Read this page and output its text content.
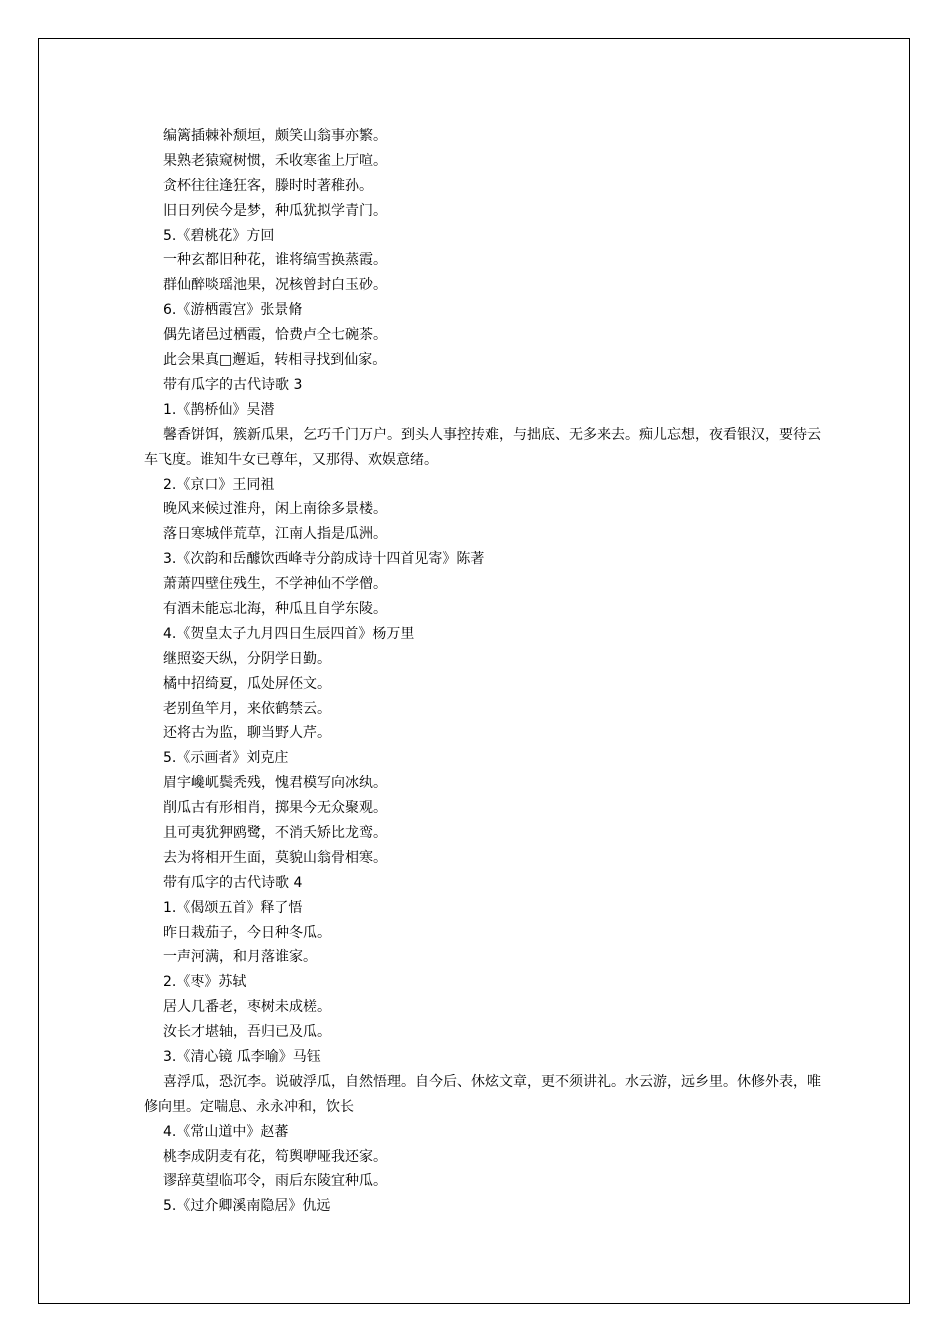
编篱插棘补颓垣，颇笑山翁事亦繁。
果熟老猿窥树惯，禾收寒雀上厅喧。
贪杯往往逢狂客，滕时时著稚孙。
旧日列侯今是梦，种瓜犹拟学青门。
5.《碧桃花》方回
一种玄都旧种花，谁将缟雪换蒸霞。
群仙醉啖瑶池果，况核曾封白玉砂。
6.《游栖霞宫》张景脩
偶先诸邑过栖霞，恰费卢仝七碗茶。
此会果真□邂逅，转相寻找到仙家。
带有瓜字的古代诗歌 3
1.《鹊桥仙》吴潜
馨香饼饵，簇新瓜果，乞巧千门万户。到头人事控抟难，与拙底、无多来去。痴儿忘想，夜看银汉，要待云车飞度。谁知牛女已尊年，又那得、欢娱意绪。
2.《京口》王同祖
晚风来候过淮舟，闲上南徐多景楼。
落日寒城伴荒草，江南人指是瓜洲。
3.《次韵和岳醵饮西峰寺分韵成诗十四首见寄》陈著
萧萧四壁住残生，不学神仙不学僧。
有酒未能忘北海，种瓜且自学东陵。
4.《贺皇太子九月四日生辰四首》杨万里
继照姿天纵，分阴学日勤。
橘中招绮夏，瓜处屏伾文。
老别鱼竿月，来依鹤禁云。
还将古为监，聊当野人芹。
5.《示画者》刘克庄
眉宇巉屼鬓秃残，愧君模写向冰纨。
削瓜古有形相肖，掷果今无众聚观。
且可夷犹狎鸥鹭，不消夭矫比龙鸾。
去为将相开生面，莫貌山翁骨相寒。
带有瓜字的古代诗歌 4
1.《偈颂五首》释了悟
昨日栽茄子，今日种冬瓜。
一声河满，和月落谁家。
2.《枣》苏轼
居人几番老，枣树未成槎。
汝长才堪轴，吾归已及瓜。
3.《清心镜 瓜李喻》马钰
喜浮瓜，恐沉李。说破浮瓜，自然悟理。自今后、休炫文章，更不须讲礼。水云游，远乡里。休修外表，唯修向里。定喘息、永永冲和，饮长
4.《常山道中》赵蕃
桃李成阴麦有花，笱舆咿哑我还家。
谬辞莫望临邛令，雨后东陵宜种瓜。
5.《过介卿溪南隐居》仇远
